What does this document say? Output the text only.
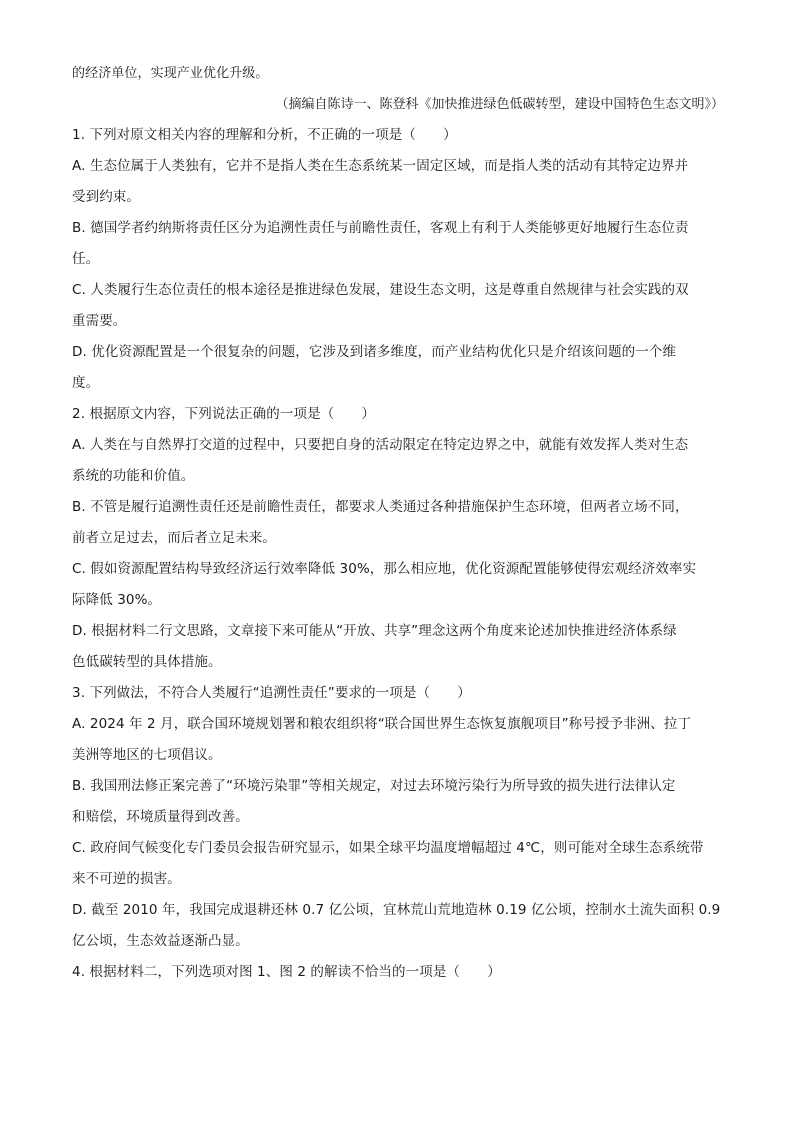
的经济单位，实现产业优化升级。
（摘编自陈诗一、陈登科《加快推进绿色低碳转型，建设中国特色生态文明》）
1. 下列对原文相关内容的理解和分析，不正确的一项是（　　）
A. 生态位属于人类独有，它并不是指人类在生态系统某一固定区域，而是指人类的活动有其特定边界并
受到约束。
B. 德国学者约纳斯将责任区分为追溯性责任与前瞻性责任，客观上有利于人类能够更好地履行生态位责
任。
C. 人类履行生态位责任的根本途径是推进绿色发展，建设生态文明，这是尊重自然规律与社会实践的双
重需要。
D. 优化资源配置是一个很复杂的问题，它涉及到诸多维度，而产业结构优化只是介绍该问题的一个维
度。
2. 根据原文内容，下列说法正确的一项是（　　）
A. 人类在与自然界打交道的过程中，只要把自身的活动限定在特定边界之中，就能有效发挥人类对生态
系统的功能和价值。
B. 不管是履行追溯性责任还是前瞻性责任，都要求人类通过各种措施保护生态环境，但两者立场不同，
前者立足过去，而后者立足未来。
C. 假如资源配置结构导致经济运行效率降低 30%，那么相应地，优化资源配置能够使得宏观经济效率实
际降低 30%。
D. 根据材料二行文思路，文章接下来可能从“开放、共享”理念这两个角度来论述加快推进经济体系绿
色低碳转型的具体措施。
3. 下列做法，不符合人类履行“追溯性责任”要求的一项是（　　）
A. 2024 年 2 月，联合国环境规划署和粮农组织将“联合国世界生态恢复旗舰项目”称号授予非洲、拉丁
美洲等地区的七项倡议。
B. 我国刑法修正案完善了“环境污染罪”等相关规定，对过去环境污染行为所导致的损失进行法律认定
和赔偿，环境质量得到改善。
C. 政府间气候变化专门委员会报告研究显示，如果全球平均温度增幅超过 4℃，则可能对全球生态系统带
来不可逆的损害。
D. 截至 2010 年，我国完成退耕还林 0.7 亿公顷，宜林荒山荒地造林 0.19 亿公顷，控制水土流失面积 0.9
亿公顷，生态效益逐渐凸显。
4. 根据材料二，下列选项对图 1、图 2 的解读不恰当的一项是（　　）
